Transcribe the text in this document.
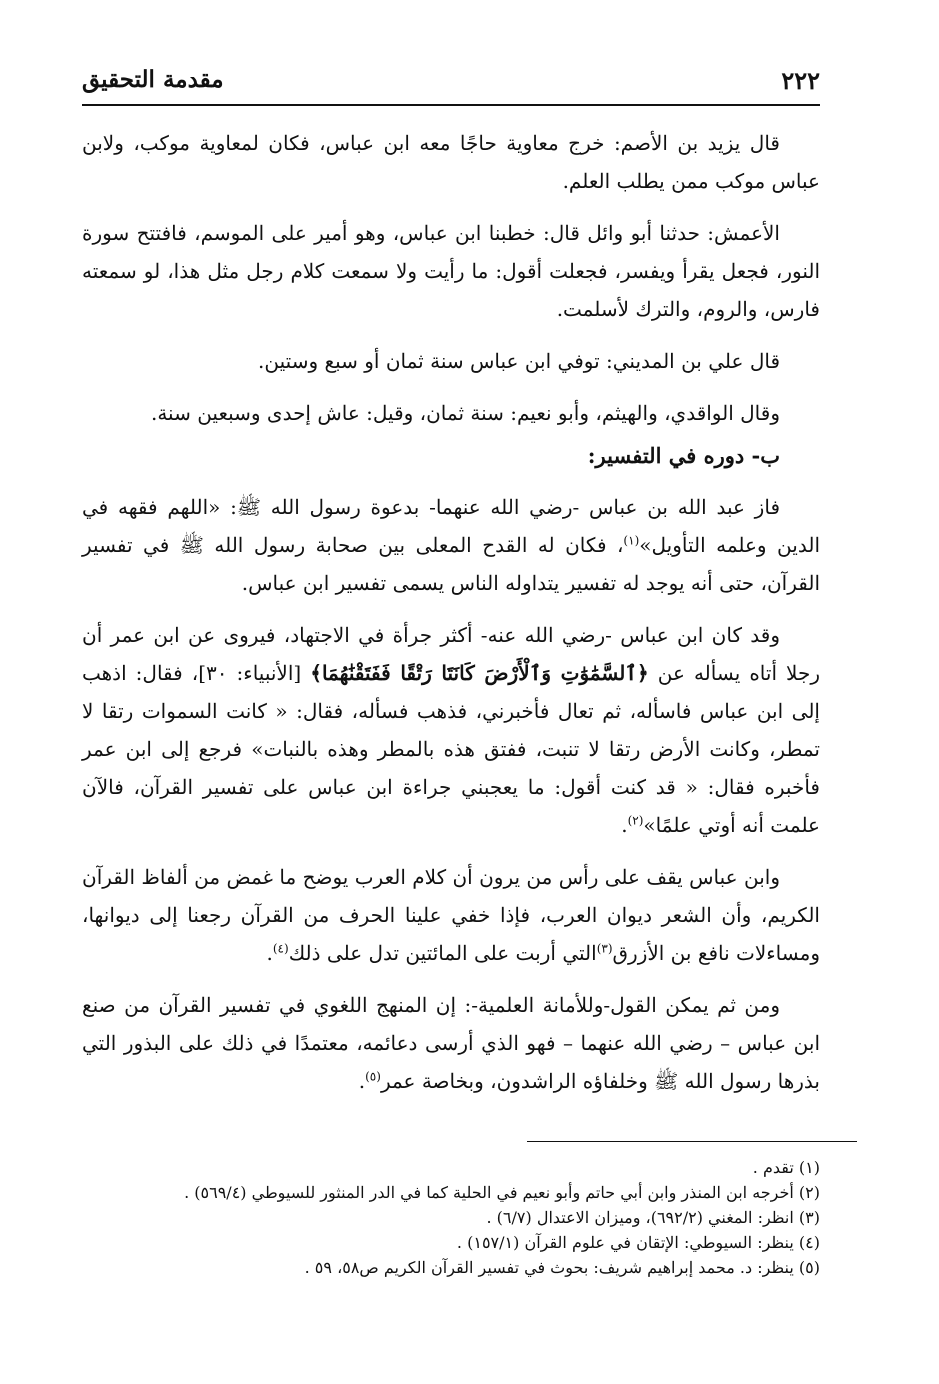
٢٢٢
مقدمة التحقيق

قال يزيد بن الأصم: خرج معاوية حاجًا معه ابن عباس، فكان لمعاوية موكب، ولابن عباس موكب ممن يطلب العلم.

الأعمش: حدثنا أبو وائل قال: خطبنا ابن عباس، وهو أمير على الموسم، فافتتح سورة النور، فجعل يقرأ ويفسر، فجعلت أقول: ما رأيت ولا سمعت كلام رجل مثل هذا، لو سمعته فارس، والروم، والترك لأسلمت.

قال علي بن المديني: توفي ابن عباس سنة ثمان أو سبع وستين.

وقال الواقدي، والهيثم، وأبو نعيم: سنة ثمان، وقيل: عاش إحدى وسبعين سنة.

ب- دوره في التفسير:

فاز عبد الله بن عباس -رضي الله عنهما- بدعوة رسول الله ﷺ: «اللهم فقهه في الدين وعلمه التأويل»$^{(١)}$، فكان له القدح المعلى بين صحابة رسول الله ﷺ في تفسير القرآن، حتى أنه يوجد له تفسير يتداوله الناس يسمى تفسير ابن عباس.

وقد كان ابن عباس -رضي الله عنه- أكثر جرأة في الاجتهاد، فيروى عن ابن عمر أن رجلا أتاه يسأله عن ﴿ٱلسَّمَٰوَٰتِ وَٱلْأَرْضَ كَانَتَا رَتْقًا فَفَتَقْنَٰهُمَا﴾ [الأنبياء: ٣٠]، فقال: اذهب إلى ابن عباس فاسأله، ثم تعال فأخبرني، فذهب فسأله، فقال: « كانت السموات رتقا لا تمطر، وكانت الأرض رتقا لا تنبت، ففتق هذه بالمطر وهذه بالنبات» فرجع إلى ابن عمر فأخبره فقال: « قد كنت أقول: ما يعجبني جراءة ابن عباس على تفسير القرآن، فالآن علمت أنه أوتي علمًا»$^{(٢)}$.

وابن عباس يقف على رأس من يرون أن كلام العرب يوضح ما غمض من ألفاظ القرآن الكريم، وأن الشعر ديوان العرب، فإذا خفي علينا الحرف من القرآن رجعنا إلى ديوانها، ومساءلات نافع بن الأزرق$^{(٣)}$التي أربت على المائتين تدل على ذلك$^{(٤)}$.

ومن ثم يمكن القول-وللأمانة العلمية-: إن المنهج اللغوي في تفسير القرآن من صنع ابن عباس – رضي الله عنهما – فهو الذي أرسى دعائمه، معتمدًا في ذلك على البذور التي بذرها رسول الله ﷺ وخلفاؤه الراشدون، وبخاصة عمر$^{(٥)}$.

(١) تقدم .

(٢) أخرجه ابن المنذر وابن أبي حاتم وأبو نعيم في الحلية كما في الدر المنثور للسيوطي (٥٦٩/٤) .

(٣) انظر: المغني (٦٩٢/٢)، وميزان الاعتدال (٦/٧) .

(٤) ينظر: السيوطي: الإتقان في علوم القرآن (١٥٧/١) .

(٥) ينظر: د. محمد إبراهيم شريف: بحوث في تفسير القرآن الكريم ص٥٨، ٥٩ .
